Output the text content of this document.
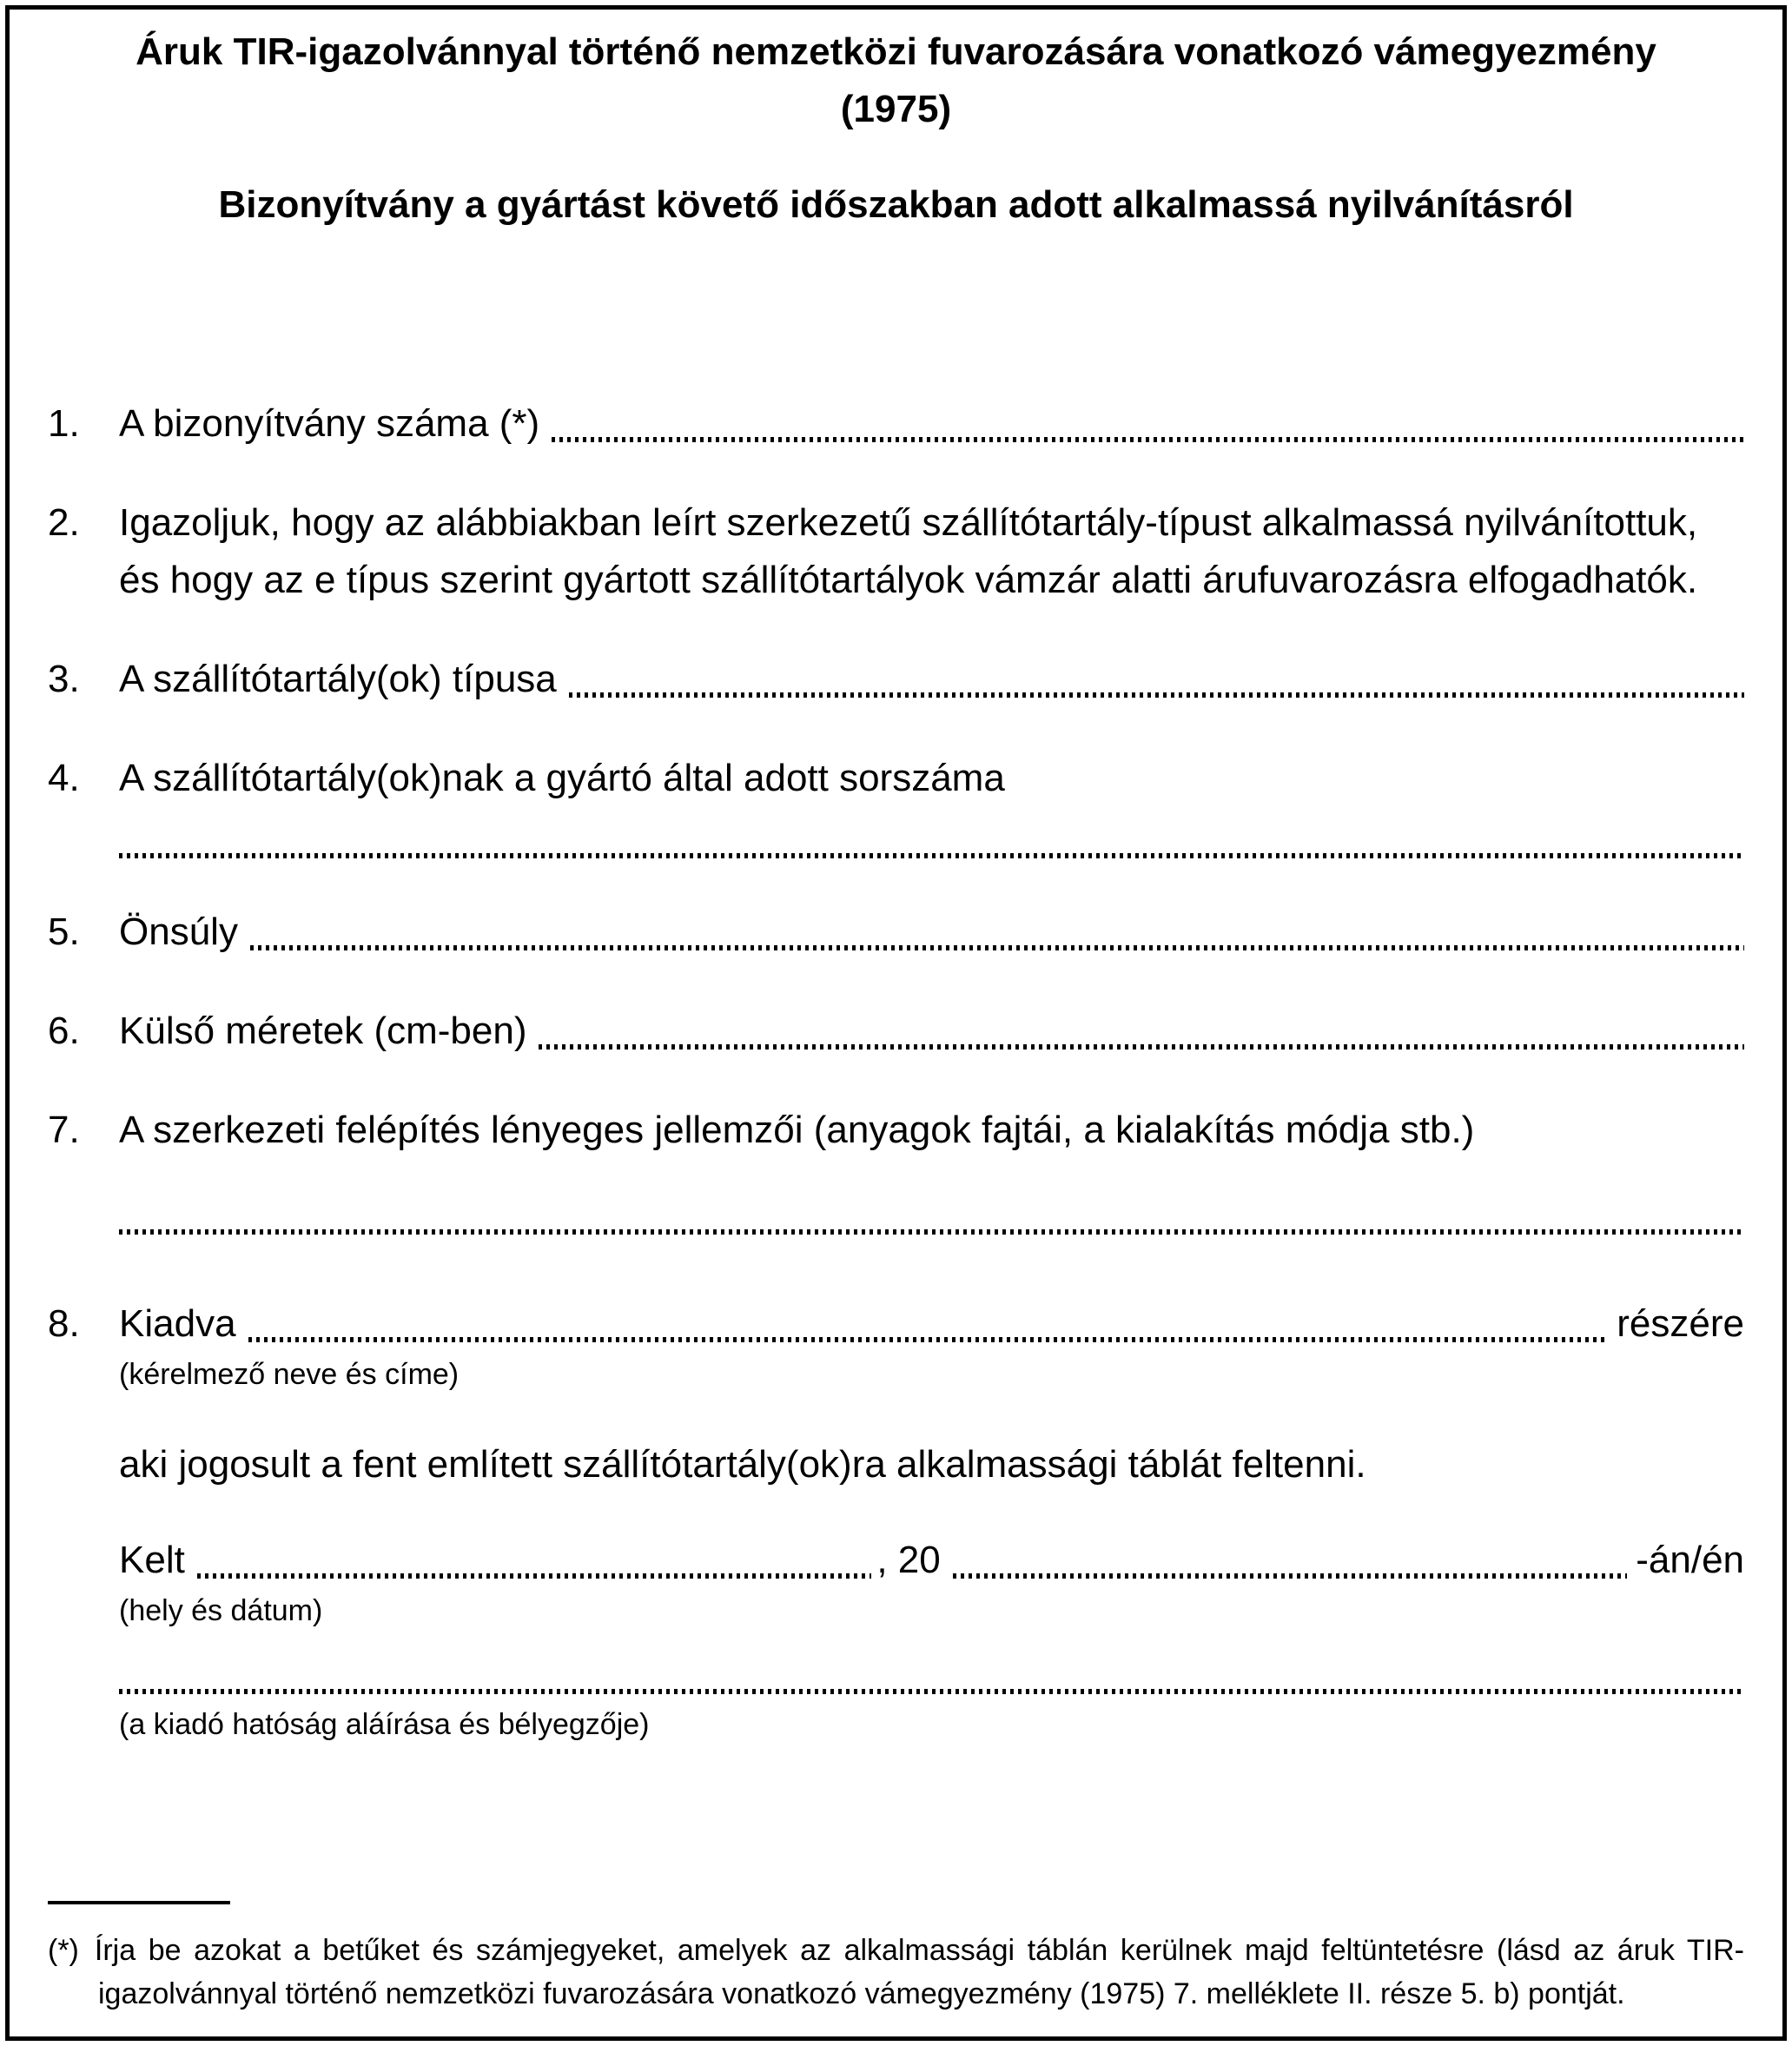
Áruk TIR-igazolvánnyal történő nemzetközi fuvarozására vonatkozó vámegyezmény
(1975)
Bizonyítvány a gyártást követő időszakban adott alkalmassá nyilvánításról
1.	A bizonyítvány száma (*)
2.	Igazoljuk, hogy az alábbiakban leírt szerkezetű szállítótartály-típust alkalmassá nyilvánítottuk, és hogy az e típus szerint gyártott szállítótartályok vámzár alatti árufuvarozásra elfogadhatók.
3.	A szállítótartály(ok) típusa
4.	A szállítótartály(ok)nak a gyártó által adott sorszáma
5.	Önsúly
6.	Külső méretek (cm-ben)
7.	A szerkezeti felépítés lényeges jellemzői (anyagok fajtái, a kialakítás módja stb.)
8.	Kiadva	részére
(kérelmező neve és címe)
aki jogosult a fent említett szállítótartály(ok)ra alkalmassági táblát feltenni.
Kelt	, 20	-án/én
(hely és dátum)
(a kiadó hatóság aláírása és bélyegzője)
(*) Írja be azokat a betűket és számjegyeket, amelyek az alkalmassági táblán kerülnek majd feltüntetésre (lásd az áruk TIR-igazolvánnyal történő nemzetközi fuvarozására vonatkozó vámegyezmény (1975) 7. melléklete II. része 5. b) pontját.
